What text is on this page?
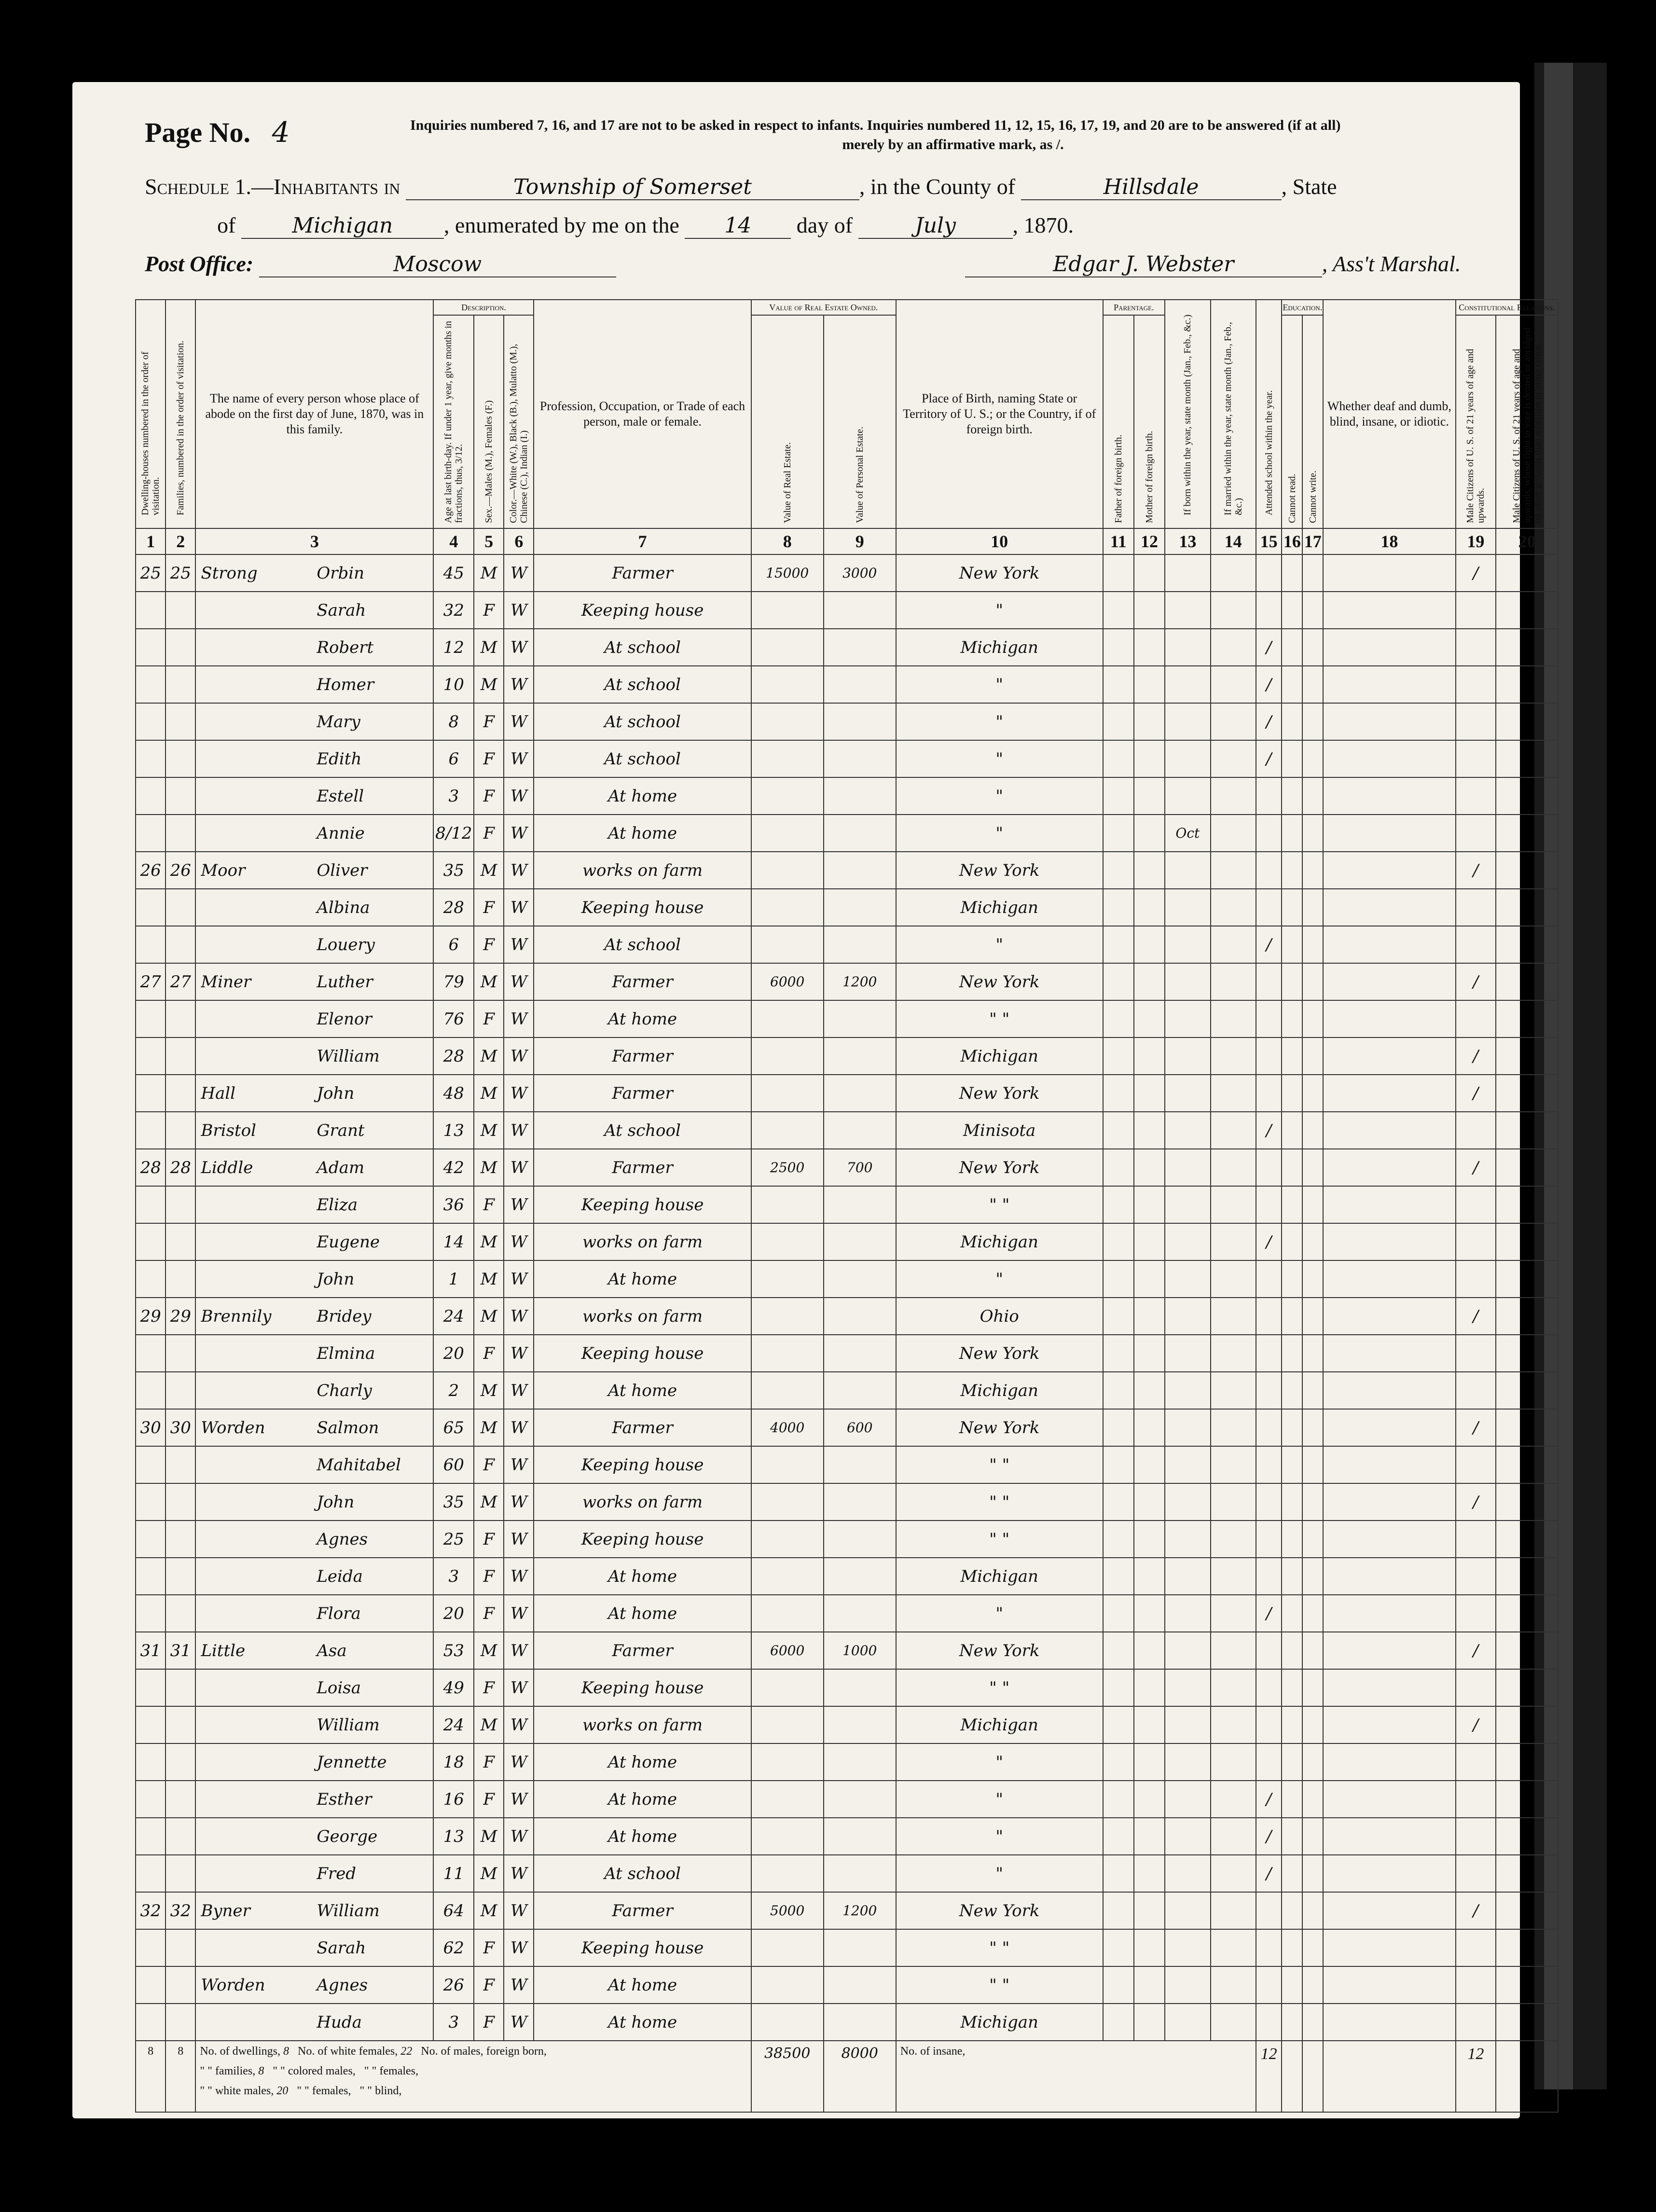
Page No. 4	Inquiries numbered 7, 16, and 17 are not to be asked in respect to infants. Inquiries numbered 11, 12, 15, 16, 17, 19, and 20 are to be answered (if at all)
merely by an affirmative mark, as /.
Schedule 1.—Inhabitants in	Township of Somerset	, in the County of	Hillsdale	, State
of	Michigan , enumerated by me on the 14 day of	July	, 1870.
Post Office:	Moscow	Edgar J. Webster	, Ass't Marshal.
Dwelling-houses numbered in the order of visitation.	Families, numbered in the order of visitation.	The name of every person whose place of abode on the first day of June, 1870, was in this family.	Description.			Profession, Occupation, or Trade of each person, male or female.	Value of Real Estate Owned.		Place of Birth, naming State or Territory of U. S.; or the Country, if of foreign birth.	Parentage.		If born within the year, state month (Jan., Feb., &c.)	If married within the year, state month (Jan., Feb., &c.)	Attended school within the year.	Education.		Whether deaf and dumb, blind, insane, or idiotic.	Constitutional Relations.	

			Age at last birth-day. If under 1 year, give months in fractions, thus, 3/12.	Sex.—Males (M.), Females (F.)	Color.—White (W.), Black (B.), Mulatto (M.), Chinese (C.), Indian (I.)		Value of Real Estate.	Value of Personal Estate.		Father of foreign birth.	Mother of foreign birth.				Cannot read.	Cannot write.		Male Citizens of U. S. of 21 years of age and upwards.	Male Citizens of U. S. of 21 years of age and upwards, whose right to vote is denied or abridged on other grounds than rebellion or other crime.

1	2	3	4	5	6	7	8	9	10	11	12	13	14	15	16	17	18	19	20
25	25	Strong Orbin	45	M	W	Farmer	15000	3000	New York									/	
		Sarah	32	F	W	Keeping house			"										
		Robert	12	M	W	At school			Michigan					/					
		Homer	10	M	W	At school			"					/					
		Mary	8	F	W	At school			"					/					
		Edith	6	F	W	At school			"					/					
		Estell	3	F	W	At home			"										
		Annie	8/12	F	W	At home			"			Oct							
26	26	Moor Oliver	35	M	W	works on farm			New York									/	
		Albina	28	F	W	Keeping house			Michigan										
		Louery	6	F	W	At school			"					/					
27	27	Miner Luther	79	M	W	Farmer	6000	1200	New York									/	
		Elenor	76	F	W	At home			" "										
		William	28	M	W	Farmer			Michigan									/	
		Hall John	48	M	W	Farmer			New York									/	
		Bristol Grant	13	M	W	At school			Minisota					/					
28	28	Liddle Adam	42	M	W	Farmer	2500	700	New York									/	
		Eliza	36	F	W	Keeping house			" "										
		Eugene	14	M	W	works on farm			Michigan					/					
		John	1	M	W	At home			"										
29	29	Brennily Bridey	24	M	W	works on farm			Ohio									/	
		Elmina	20	F	W	Keeping house			New York										
		Charly	2	M	W	At home			Michigan										
30	30	Worden Salmon	65	M	W	Farmer	4000	600	New York									/	
		Mahitabel	60	F	W	Keeping house			" "										
		John	35	M	W	works on farm			" "									/	
		Agnes	25	F	W	Keeping house			" "										
		Leida	3	F	W	At home			Michigan										
		Flora	20	F	W	At home			"					/					
31	31	Little Asa	53	M	W	Farmer	6000	1000	New York									/	
		Loisa	49	F	W	Keeping house			" "										
		William	24	M	W	works on farm			Michigan									/	
		Jennette	18	F	W	At home			"										
		Esther	16	F	W	At home			"					/					
		George	13	M	W	At home			"					/					
		Fred	11	M	W	At school			"					/					
32	32	Byner William	64	M	W	Farmer	5000	1200	New York									/	
		Sarah	62	F	W	Keeping house			" "										
		Worden Agnes	26	F	W	At home			" "										
		Huda	3	F	W	At home			Michigan										
8	8	No. of dwellings, 8 No. of white females, 22 No. of males, foreign born,
" " families, 8 " " colored males, " " females,
" " white males, 20 " " females, " " blind,					38500	8000	No. of insane,					12				12	
